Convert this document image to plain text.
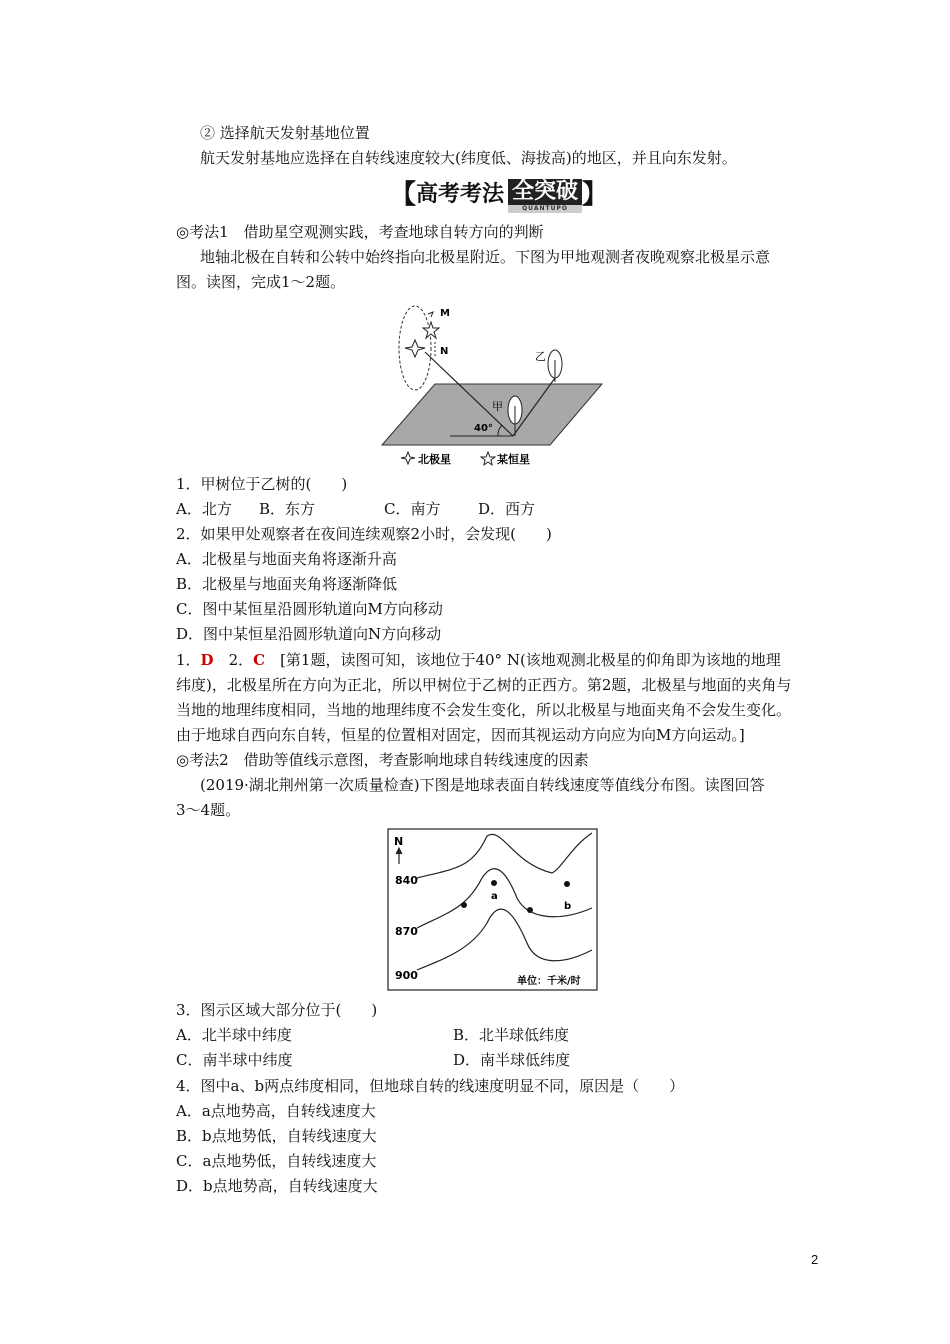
② 选择航天发射基地位置
航天发射基地应选择在自转线速度较大(纬度低、海拔高)的地区，并且向东发射。
【 高考考法 全突破
QUANTUPO 】
◎考法1　借助星空观测实践，考查地球自转方向的判断
地轴北极在自转和公转中始终指向北极星附近。下图为甲地观测者夜晚观察北极星示意
图。读图，完成1～2题。
40°
M
N	乙
甲
北极星	某恒星
1．甲树位于乙树的(　　)
A．北方 B．东方	C．南方	D．西方
2．如果甲处观察者在夜间连续观察2小时，会发现(　　)
A．北极星与地面夹角将逐渐升高
B．北极星与地面夹角将逐渐降低
C．图中某恒星沿圆形轨道向M方向移动
D．图中某恒星沿圆形轨道向N方向移动
1．D　2．C　[第1题，读图可知，该地位于40° N(该地观测北极星的仰角即为该地的地理
纬度)，北极星所在方向为正北，所以甲树位于乙树的正西方。第2题，北极星与地面的夹角与
当地的地理纬度相同，当地的地理纬度不会发生变化，所以北极星与地面夹角不会发生变化。
由于地球自西向东自转，恒星的位置相对固定，因而其视运动方向应为向M方向运动。]
◎考法2　借助等值线示意图，考查影响地球自转线速度的因素
(2019·湖北荆州第一次质量检查)下图是地球表面自转线速度等值线分布图。读图回答
3～4题。
N
840
870
900
a
b
单位：千米/时
3．图示区域大部分位于(　　)
A．北半球中纬度	B．北半球低纬度
C．南半球中纬度	D．南半球低纬度
4．图中a、b两点纬度相同，但地球自转的线速度明显不同，原因是（　　）
A．a点地势高，自转线速度大
B．b点地势低，自转线速度大
C．a点地势低，自转线速度大
D．b点地势高，自转线速度大
2
